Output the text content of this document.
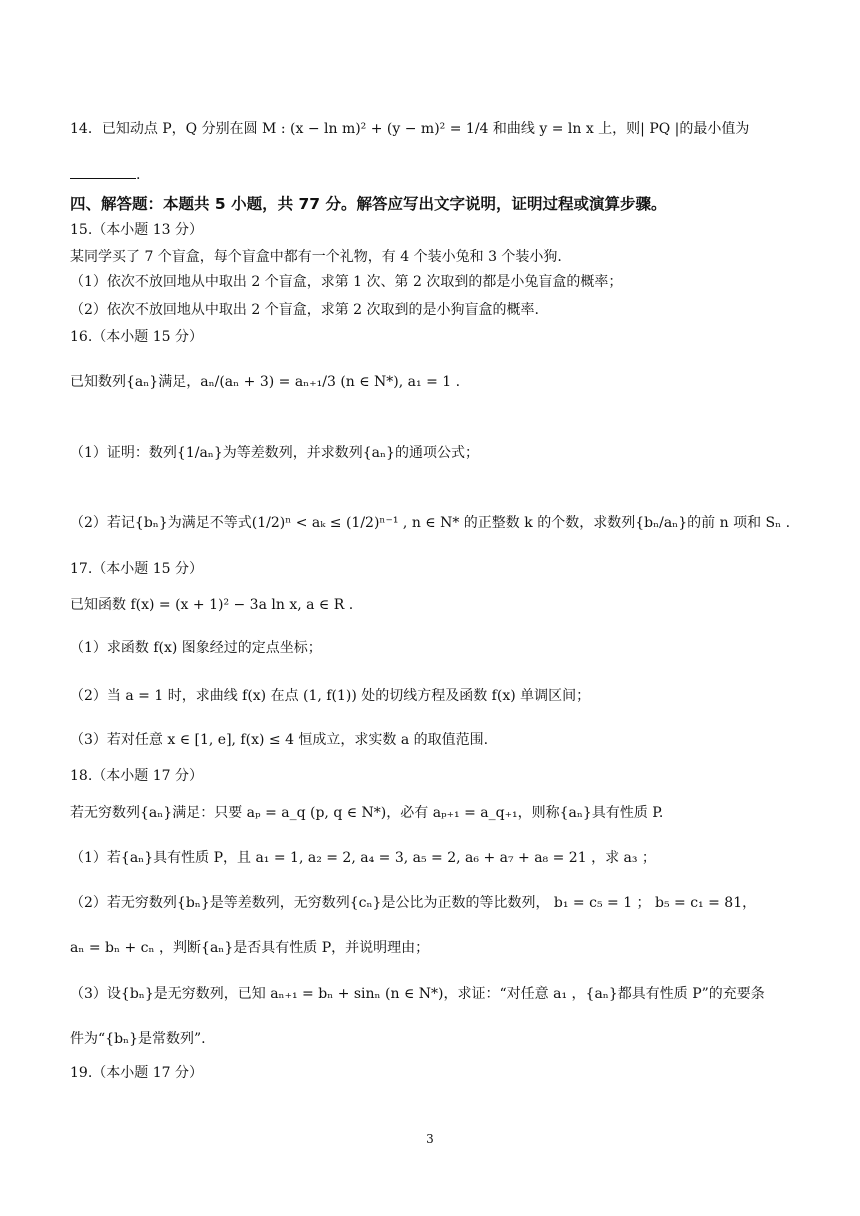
14．已知动点 P，Q 分别在圆 M : (x − ln m)² + (y − m)² = 1/4 和曲线 y = ln x 上，则| PQ |的最小值为
.
四、解答题：本题共 5 小题，共 77 分。解答应写出文字说明，证明过程或演算步骤。
15.（本小题 13 分）
某同学买了 7 个盲盒，每个盲盒中都有一个礼物，有 4 个装小兔和 3 个装小狗.
（1）依次不放回地从中取出 2 个盲盒，求第 1 次、第 2 次取到的都是小兔盲盒的概率；
（2）依次不放回地从中取出 2 个盲盒，求第 2 次取到的是小狗盲盒的概率.
16.（本小题 15 分）
已知数列{aₙ}满足，aₙ/(aₙ + 3) = aₙ₊₁/3 (n ∈ N*), a₁ = 1 .
（1）证明：数列{1/aₙ}为等差数列，并求数列{aₙ}的通项公式；
（2）若记{bₙ}为满足不等式(1/2)ⁿ < aₖ ≤ (1/2)ⁿ⁻¹ , n ∈ N* 的正整数 k 的个数，求数列{bₙ/aₙ}的前 n 项和 Sₙ .
17.（本小题 15 分）
已知函数 f(x) = (x + 1)² − 3a ln x, a ∈ R .
（1）求函数 f(x) 图象经过的定点坐标；
（2）当 a = 1 时，求曲线 f(x) 在点 (1, f(1)) 处的切线方程及函数 f(x) 单调区间；
（3）若对任意 x ∈ [1, e], f(x) ≤ 4 恒成立，求实数 a 的取值范围.
18.（本小题 17 分）
若无穷数列{aₙ}满足：只要 aₚ = a_q (p, q ∈ N*)，必有 aₚ₊₁ = a_q₊₁，则称{aₙ}具有性质 P.
（1）若{aₙ}具有性质 P，且 a₁ = 1, a₂ = 2, a₄ = 3, a₅ = 2, a₆ + a₇ + a₈ = 21 ，求 a₃ ；
（2）若无穷数列{bₙ}是等差数列，无穷数列{cₙ}是公比为正数的等比数列， b₁ = c₅ = 1 ； b₅ = c₁ = 81，
aₙ = bₙ + cₙ ，判断{aₙ}是否具有性质 P，并说明理由；
（3）设{bₙ}是无穷数列，已知 aₙ₊₁ = bₙ + sinₙ (n ∈ N*)，求证：“对任意 a₁ ，{aₙ}都具有性质 P”的充要条
件为“{bₙ}是常数列”.
19.（本小题 17 分）
3
